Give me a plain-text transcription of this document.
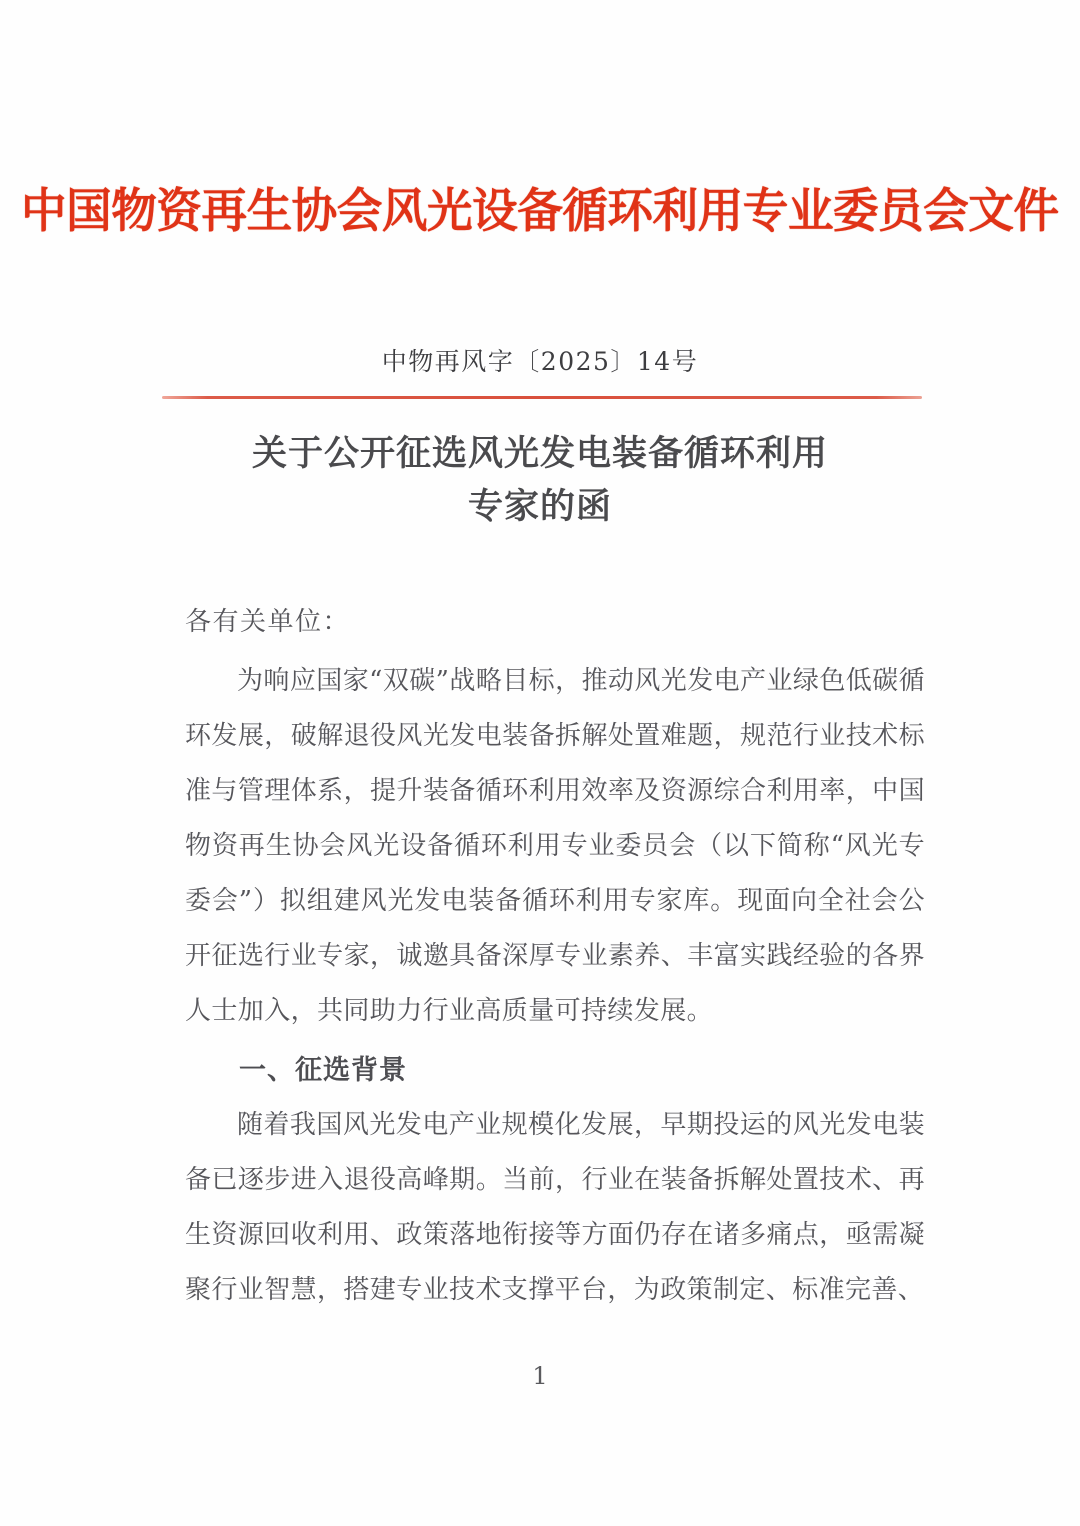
中国物资再生协会风光设备循环利用专业委员会文件
中物再风字〔2025〕14号
关于公开征选风光发电装备循环利用
专家的函

各有关单位：

为响应国家“双碳”战略目标，推动风光发电产业绿色低碳循环发展，破解退役风光发电装备拆解处置难题，规范行业技术标准与管理体系，提升装备循环利用效率及资源综合利用率，中国物资再生协会风光设备循环利用专业委员会（以下简称“风光专委会”）拟组建风光发电装备循环利用专家库。现面向全社会公开征选行业专家，诚邀具备深厚专业素养、丰富实践经验的各界人士加入，共同助力行业高质量可持续发展。

一、征选背景

随着我国风光发电产业规模化发展，早期投运的风光发电装备已逐步进入退役高峰期。当前，行业在装备拆解处置技术、再生资源回收利用、政策落地衔接等方面仍存在诸多痛点，亟需凝聚行业智慧，搭建专业技术支撑平台，为政策制定、标准完善、

1
